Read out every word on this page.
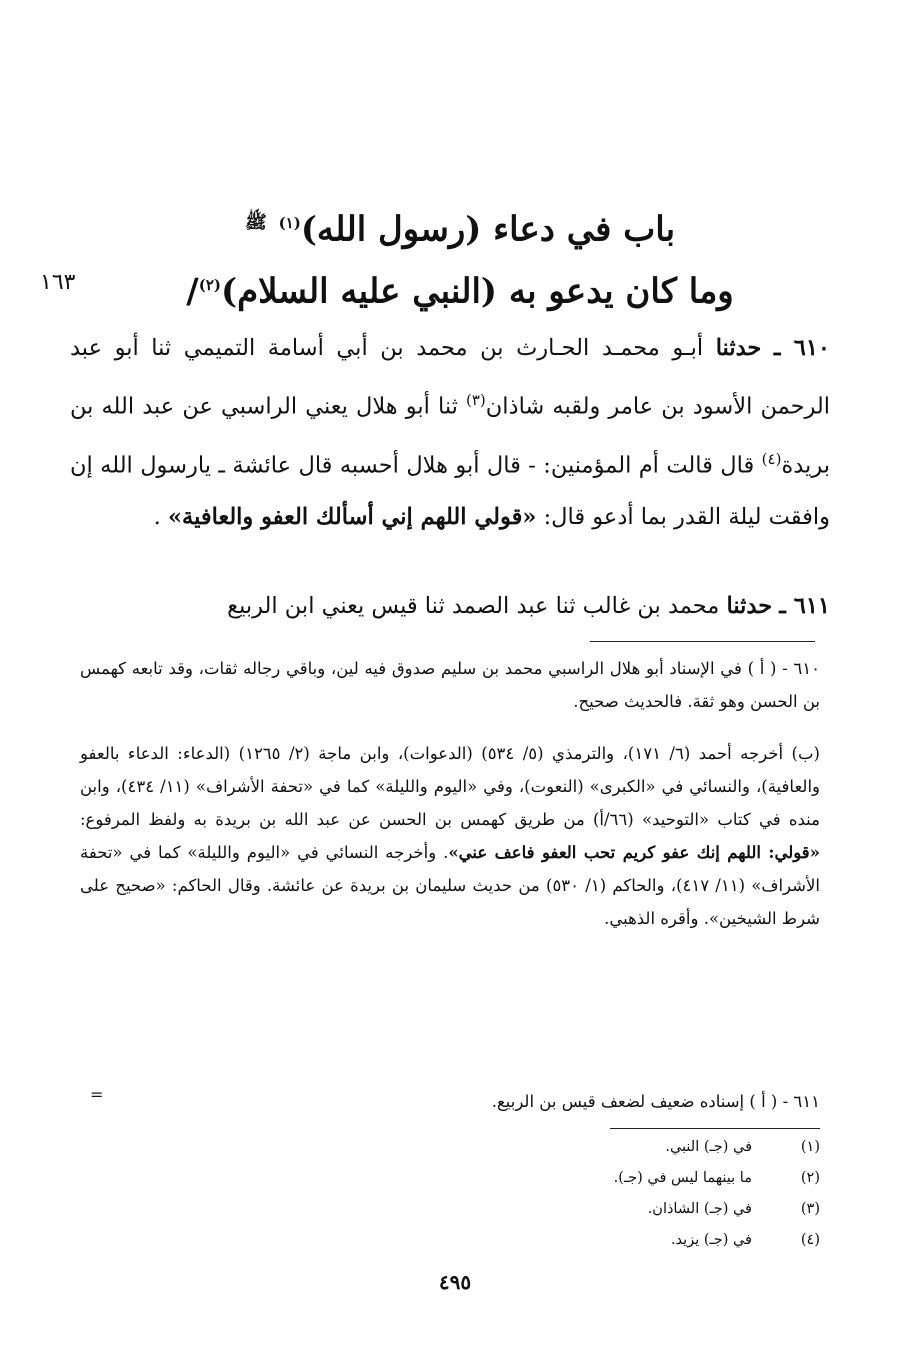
باب في دعاء (رسول الله)$^{(١)}$ $^ﷺ$
وما كان يدعو به (النبي عليه السلام)$^{(٢)}$/
١٦٣
٦١٠ ـ حدثنا أبـو محمـد الحـارث بن محمد بن أبي أسامة التميمي ثنا أبو عبد الرحمن الأسود بن عامر ولقبه شاذان$^{(٣)}$ ثنا أبو هلال يعني الراسبي عن عبد الله بن بريدة$^{(٤)}$ قال قالت أم المؤمنين: - قال أبو هلال أحسبه قال عائشة ـ يارسول الله إن وافقت ليلة القدر بما أدعو قال: «قولي اللهم إني أسألك العفو والعافية» .
٦١١ ـ حدثنا محمد بن غالب ثنا عبد الصمد ثنا قيس يعني ابن الربيع
٦١٠ - ( أ ) في الإسناد أبو هلال الراسبي محمد بن سليم صدوق فيه لين، وباقي رجاله ثقات، وقد تابعه كهمس بن الحسن وهو ثقة. فالحديث صحيح.
(ب) أخرجه أحمد (٦/ ١٧١)، والترمذي (٥/ ٥٣٤) (الدعوات)، وابن ماجة (٢/ ١٢٦٥) (الدعاء: الدعاء بالعفو والعافية)، والنسائي في «الكبرى» (النعوت)، وفي «اليوم والليلة» كما في «تحفة الأشراف» (١١/ ٤٣٤)، وابن منده في كتاب «التوحيد» (٦٦/أ) من طريق كهمس بن الحسن عن عبد الله بن بريدة به ولفظ المرفوع: «قولي: اللهم إنك عفو كريم تحب العفو فاعف عني». وأخرجه النسائي في «اليوم والليلة» كما في «تحفة الأشراف» (١١/ ٤١٧)، والحاكم (١/ ٥٣٠) من حديث سليمان بن بريدة عن عائشة. وقال الحاكم: «صحيح على شرط الشيخين». وأقره الذهبي.
٦١١ - ( أ ) إسناده ضعيف لضعف قيس بن الربيع.
=
(١)
في (جـ) النبي.
(٢)
ما بينهما ليس في (جـ).
(٣)
في (جـ) الشاذان.
(٤)
في (جـ) يزيد.
٤٩٥
